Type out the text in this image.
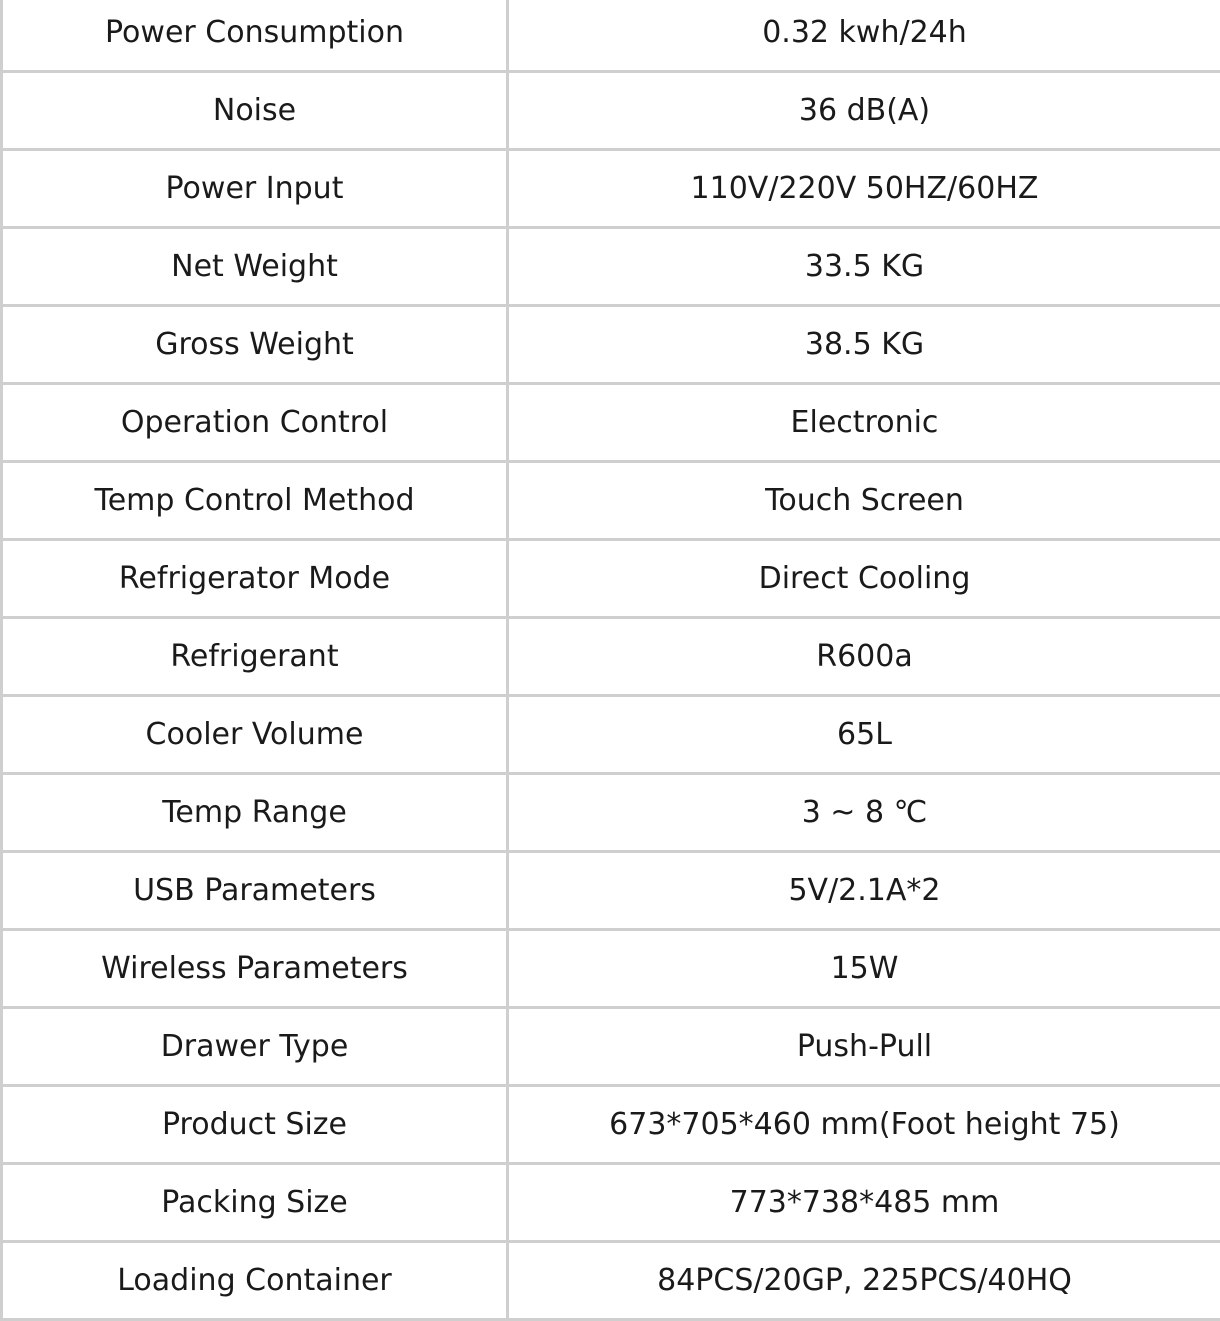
Power Consumption	0.32 kwh/24h
Noise	36 dB(A)
Power Input	110V/220V 50HZ/60HZ
Net Weight	33.5 KG
Gross Weight	38.5 KG
Operation Control	Electronic
Temp Control Method	Touch Screen
Refrigerator Mode	Direct Cooling
Refrigerant	R600a
Cooler Volume	65L
Temp Range	3 ~ 8 ℃
USB Parameters	5V/2.1A*2
Wireless Parameters	15W
Drawer Type	Push-Pull
Product Size	673*705*460 mm(Foot height 75)
Packing Size	773*738*485 mm
Loading Container	84PCS/20GP, 225PCS/40HQ
